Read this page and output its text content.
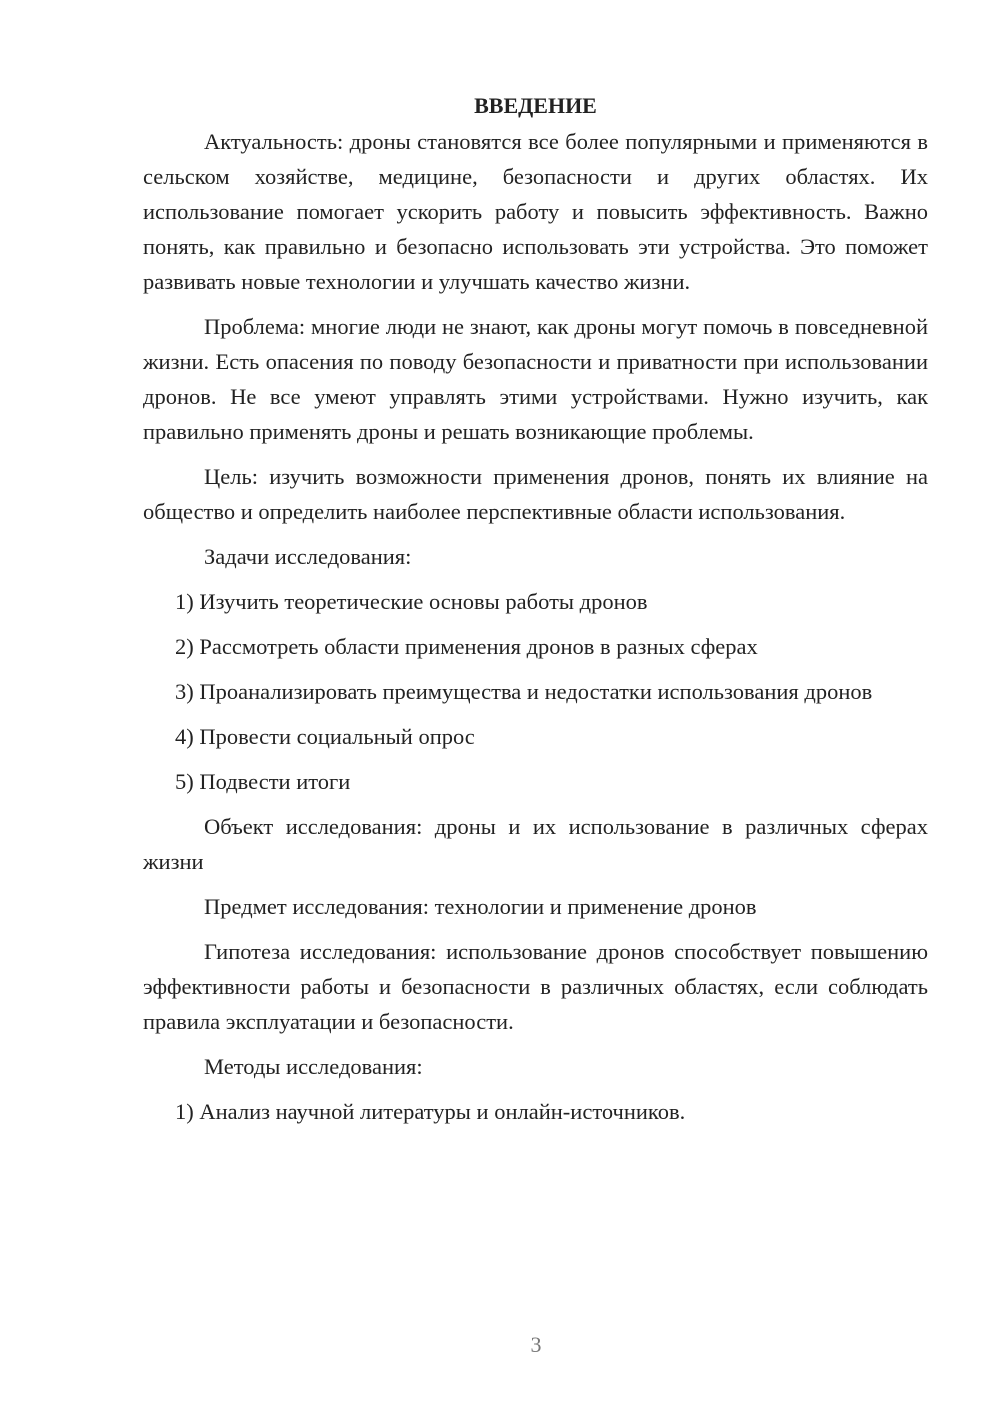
ВВЕДЕНИЕ

Актуальность: дроны становятся все более популярными и применяются в сельском хозяйстве, медицине, безопасности и других областях. Их использование помогает ускорить работу и повысить эффективность. Важно понять, как правильно и безопасно использовать эти устройства. Это поможет развивать новые технологии и улучшать качество жизни.

Проблема: многие люди не знают, как дроны могут помочь в повседневной жизни. Есть опасения по поводу безопасности и приватности при использовании дронов. Не все умеют управлять этими устройствами. Нужно изучить, как правильно применять дроны и решать возникающие проблемы.

Цель: изучить возможности применения дронов, понять их влияние на общество и определить наиболее перспективные области использования.

Задачи исследования:

1) Изучить теоретические основы работы дронов

2) Рассмотреть области применения дронов в разных сферах

3) Проанализировать преимущества и недостатки использования дронов

4) Провести социальный опрос

5) Подвести итоги

Объект исследования: дроны и их использование в различных сферах жизни

Предмет исследования: технологии и применение дронов

Гипотеза исследования: использование дронов способствует повышению эффективности работы и безопасности в различных областях, если соблюдать правила эксплуатации и безопасности.

Методы исследования:

1) Анализ научной литературы и онлайн-источников.

3
